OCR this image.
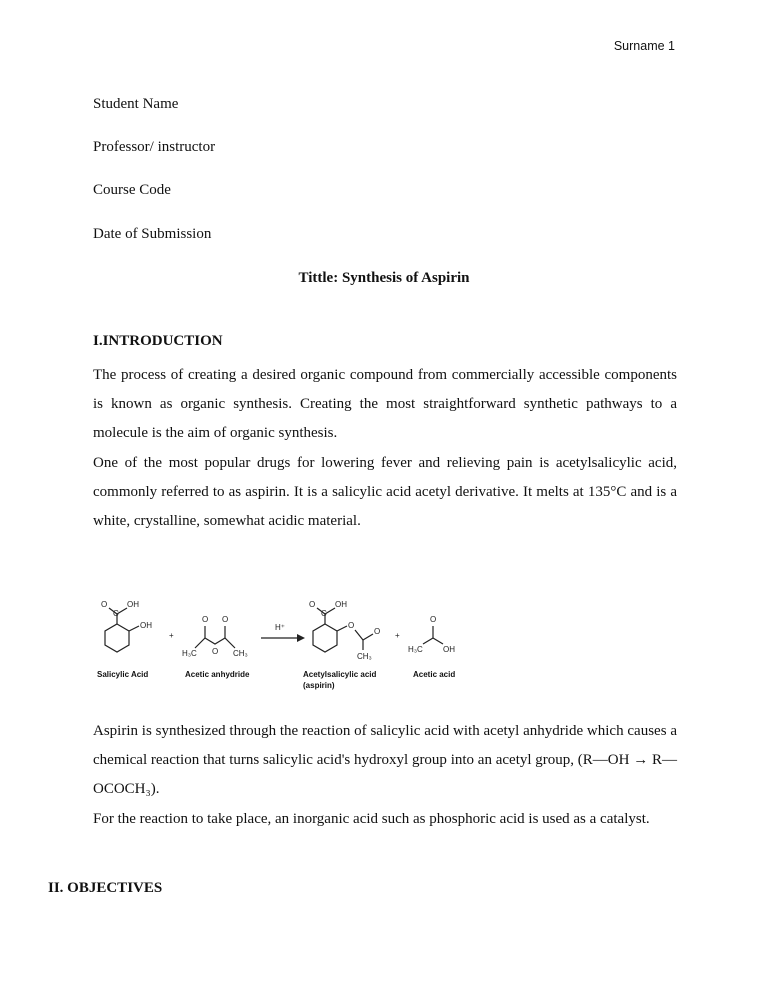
Surname 1
Student Name
Professor/ instructor
Course Code
Date of Submission
Tittle: Synthesis of Aspirin
I.INTRODUCTION

The process of creating a desired organic compound from commercially accessible components is known as organic synthesis. Creating the most straightforward synthetic pathways to a molecule is the aim of organic synthesis.

One of the most popular drugs for lowering fever and relieving pain is acetylsalicylic acid, commonly referred to as aspirin. It is a salicylic acid acetyl derivative. It melts at 135°C and is a white, crystalline, somewhat acidic material.

O
C
OH
OH
+
O O
H₃C O CH₃
H⁺
O
C
OH
O
O
CH₃
+
O
H₃C	OH
Salicylic Acid	Acetic anhydride	Acetylsalicylic acid
(aspirin)
Acetic acid

Aspirin is synthesized through the reaction of salicylic acid with acetyl anhydride which causes a chemical reaction that turns salicylic acid's hydroxyl group into an acetyl group, (R—OH → R—OCOCH₃).

For the reaction to take place, an inorganic acid such as phosphoric acid is used as a catalyst.

II. OBJECTIVES
